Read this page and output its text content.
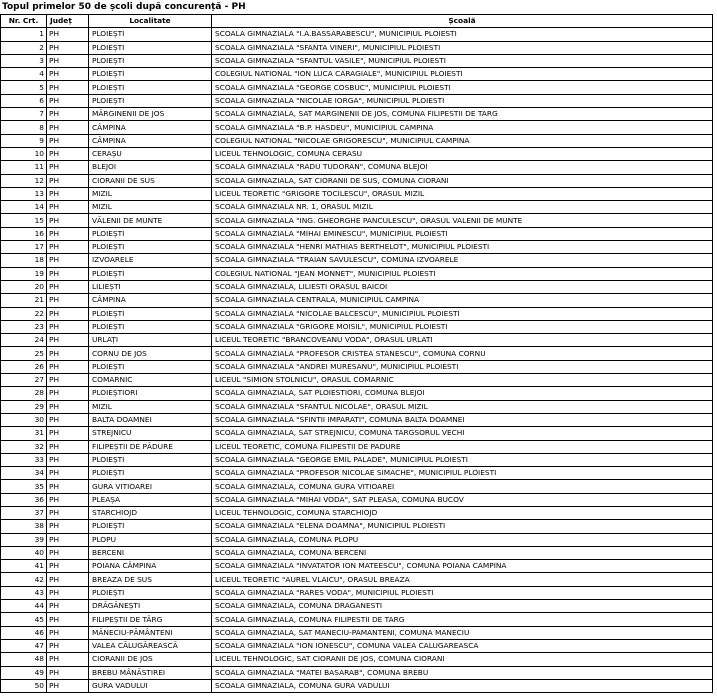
Topul primelor 50 de școli după concurență - PH
Nr. Crt.	Județ	Localitate	Școală
1	PH	PLOIEȘTI	SCOALA GIMNAZIALA "I.A.BASSARABESCU", MUNICIPIUL PLOIESTI
2	PH	PLOIEȘTI	SCOALA GIMNAZIALA "SFANTA VINERI", MUNICIPIUL PLOIESTI
3	PH	PLOIEȘTI	SCOALA GIMNAZIALA "SFANTUL VASILE", MUNICIPIUL PLOIESTI
4	PH	PLOIEȘTI	COLEGIUL NATIONAL "ION LUCA CARAGIALE", MUNICIPIUL PLOIESTI
5	PH	PLOIEȘTI	SCOALA GIMNAZIALA "GEORGE COSBUC", MUNICIPIUL PLOIESTI
6	PH	PLOIEȘTI	SCOALA GIMNAZIALA "NICOLAE IORGA", MUNICIPIUL PLOIESTI
7	PH	MĂRGINENII DE JOS	SCOALA GIMNAZIALA, SAT MARGINENII DE JOS, COMUNA FILIPESTII DE TARG
8	PH	CÂMPINA	SCOALA GIMNAZIALA "B.P. HASDEU", MUNICIPIUL CAMPINA
9	PH	CÂMPINA	COLEGIUL NATIONAL "NICOLAE GRIGORESCU", MUNICIPIUL CAMPINA
10	PH	CERAȘU	LICEUL TEHNOLOGIC, COMUNA CERASU
11	PH	BLEJOI	SCOALA GIMNAZIALA "RADU TUDORAN", COMUNA BLEJOI
12	PH	CIORANII DE SUS	SCOALA GIMNAZIALA, SAT CIORANII DE SUS, COMUNA CIORANI
13	PH	MIZIL	LICEUL TEORETIC "GRIGORE TOCILESCU", ORASUL MIZIL
14	PH	MIZIL	SCOALA GIMNAZIALA NR. 1, ORASUL MIZIL
15	PH	VĂLENII DE MUNTE	SCOALA GIMNAZIALA "ING. GHEORGHE PANCULESCU", ORASUL VALENII DE MUNTE
16	PH	PLOIEȘTI	SCOALA GIMNAZIALA "MIHAI EMINESCU", MUNICIPIUL PLOIESTI
17	PH	PLOIEȘTI	SCOALA GIMNAZIALA "HENRI MATHIAS BERTHELOT", MUNICIPIUL PLOIESTI
18	PH	IZVOARELE	SCOALA GIMNAZIALA "TRAIAN SAVULESCU", COMUNA IZVOARELE
19	PH	PLOIEȘTI	COLEGIUL NATIONAL "JEAN MONNET", MUNICIPIUL PLOIESTI
20	PH	LILIEȘTI	SCOALA GIMNAZIALA, LILIESTI ORASUL BAICOI
21	PH	CÂMPINA	SCOALA GIMNAZIALA CENTRALA, MUNICIPIUL CAMPINA
22	PH	PLOIEȘTI	SCOALA GIMNAZIALA "NICOLAE BALCESCU", MUNICIPIUL PLOIESTI
23	PH	PLOIEȘTI	SCOALA GIMNAZIALA "GRIGORE MOISIL", MUNICIPIUL PLOIESTI
24	PH	URLAȚI	LICEUL TEORETIC "BRANCOVEANU VODA", ORASUL URLATI
25	PH	CORNU DE JOS	SCOALA GIMNAZIALA "PROFESOR CRISTEA STANESCU", COMUNA CORNU
26	PH	PLOIEȘTI	SCOALA GIMNAZIALA "ANDREI MURESANU", MUNICIPIUL PLOIESTI
27	PH	COMARNIC	LICEUL "SIMION STOLNICU", ORASUL COMARNIC
28	PH	PLOIEȘTIORI	SCOALA GIMNAZIALA, SAT PLOIESTIORI, COMUNA BLEJOI
29	PH	MIZIL	SCOALA GIMNAZIALA "SFANTUL NICOLAE", ORASUL MIZIL
30	PH	BALTA DOAMNEI	SCOALA GIMNAZIALA "SFINTII IMPARATI", COMUNA BALTA DOAMNEI
31	PH	STREJNICU	SCOALA GIMNAZIALA, SAT STREJNICU, COMUNA TARGSORUL VECHI
32	PH	FILIPEȘTII DE PĂDURE	LICEUL TEORETIC, COMUNA FILIPESTII DE PADURE
33	PH	PLOIEȘTI	SCOALA GIMNAZIALA "GEORGE EMIL PALADE", MUNICIPIUL PLOIESTI
34	PH	PLOIEȘTI	SCOALA GIMNAZIALA "PROFESOR NICOLAE SIMACHE", MUNICIPIUL PLOIESTI
35	PH	GURA VITIOAREI	SCOALA GIMNAZIALA, COMUNA GURA VITIOAREI
36	PH	PLEAȘA	SCOALA GIMNAZIALA "MIHAI VODA", SAT PLEASA, COMUNA BUCOV
37	PH	STARCHIOJD	LICEUL TEHNOLOGIC, COMUNA STARCHIOJD
38	PH	PLOIEȘTI	SCOALA GIMNAZIALA "ELENA DOAMNA", MUNICIPIUL PLOIESTI
39	PH	PLOPU	SCOALA GIMNAZIALA, COMUNA PLOPU
40	PH	BERCENI	SCOALA GIMNAZIALA, COMUNA BERCENI
41	PH	POIANA CÂMPINA	SCOALA GIMNAZIALA "INVATATOR ION MATEESCU", COMUNA POIANA CAMPINA
42	PH	BREAZA DE SUS	LICEUL TEORETIC "AUREL VLAICU", ORASUL BREAZA
43	PH	PLOIEȘTI	SCOALA GIMNAZIALA "RARES VODA", MUNICIPIUL PLOIESTI
44	PH	DRĂGĂNEȘTI	SCOALA GIMNAZIALA, COMUNA DRAGANESTI
45	PH	FILIPEȘTII DE TÂRG	SCOALA GIMNAZIALA, COMUNA FILIPESTII DE TARG
46	PH	MĂNECIU-PĂMÂNTENI	SCOALA GIMNAZIALA, SAT MANECIU-PAMANTENI, COMUNA MANECIU
47	PH	VALEA CĂLUGĂREASCĂ	SCOALA GIMNAZIALA "ION IONESCU", COMUNA VALEA CALUGAREASCA
48	PH	CIORANII DE JOS	LICEUL TEHNOLOGIC, SAT CIORANII DE JOS, COMUNA CIORANI
49	PH	BREBU MÂNĂSTIREI	SCOALA GIMNAZIALA "MATEI BASARAB", COMUNA BREBU
50	PH	GURA VADULUI	SCOALA GIMNAZIALA, COMUNA GURA VADULUI
